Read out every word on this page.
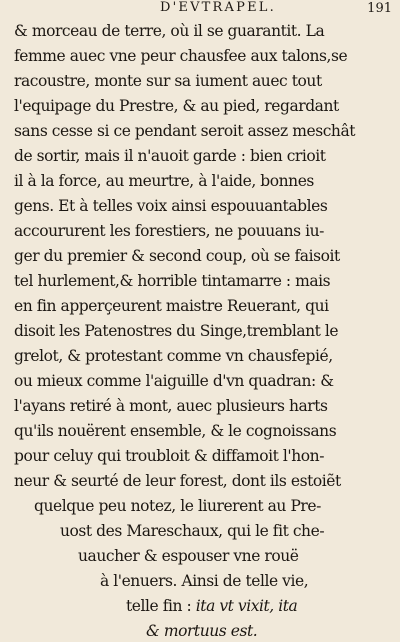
D'EVTRAPEL.	191
& morceau de terre, où il se guarantit. La
femme auec vne peur chausfee aux talons,se
racoustre, monte sur sa iument auec tout
l'equipage du Prestre, & au pied, regardant
sans cesse si ce pendant seroit assez meschât
de sortir, mais il n'auoit garde : bien crioit
il à la force, au meurtre, à l'aide, bonnes
gens. Et à telles voix ainsi espouuantables
accoururent les forestiers, ne pouuans iu-
ger du premier & second coup, où se faisoit
tel hurlement,& horrible tintamarre : mais
en fin apperçeurent maistre Reuerant, qui
disoit les Patenostres du Singe,tremblant le
grelot, & protestant comme vn chausfepié,
ou mieux comme l'aiguille d'vn quadran: &
l'ayans retiré à mont, auec plusieurs harts
qu'ils nouërent ensemble, & le cognoissans
pour celuy qui troubloit & diffamoit l'hon-
neur & seurté de leur forest, dont ils estoiẽt
quelque peu notez, le liurerent au Pre-
uost des Mareschaux, qui le fit che-
uaucher & espouser vne rouë
à l'enuers. Ainsi de telle vie,
telle fin : ita vt vixit, ita
& mortuus est.
